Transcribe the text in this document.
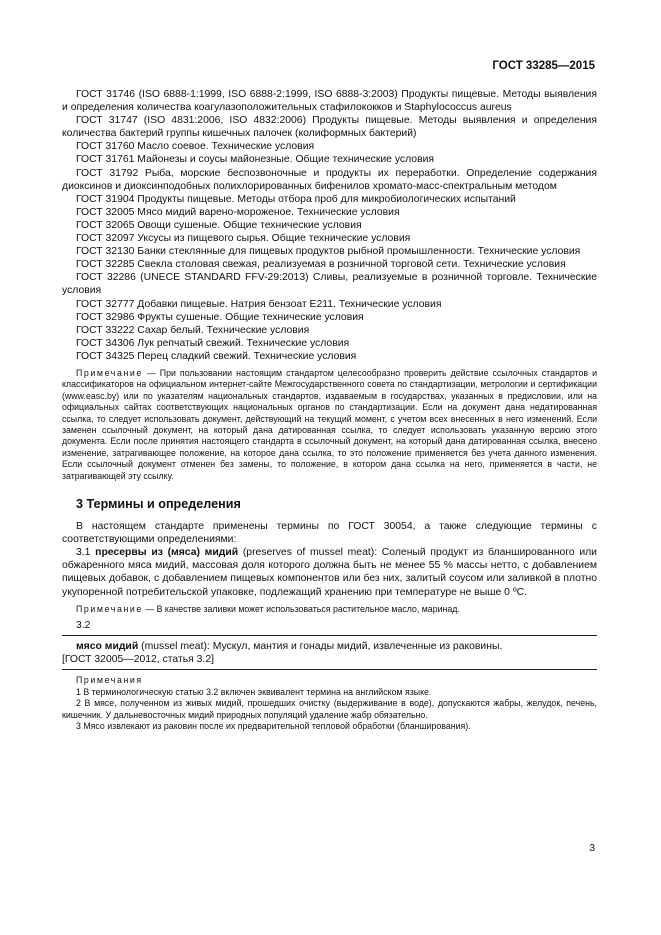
ГОСТ 33285—2015

ГОСТ 31746 (ISO 6888-1:1999, ISO 6888-2:1999, ISO 6888-3:2003) Продукты пищевые. Методы выявления и определения количества коагулазоположительных стафилококков и Staphylococcus aureus

ГОСТ 31747 (ISO 4831:2006, ISO 4832:2006) Продукты пищевые. Методы выявления и определения количества бактерий группы кишечных палочек (колиформных бактерий)

ГОСТ 31760 Масло соевое. Технические условия

ГОСТ 31761 Майонезы и соусы майонезные. Общие технические условия

ГОСТ 31792 Рыба, морские беспозвоночные и продукты их переработки. Определение содержания диоксинов и диоксинподобных полихлорированных бифенилов хромато-масс-спектральным методом

ГОСТ 31904 Продукты пищевые. Методы отбора проб для микробиологических испытаний

ГОСТ 32005 Мясо мидий варено-мороженое. Технические условия

ГОСТ 32065 Овощи сушеные. Общие технические условия

ГОСТ 32097 Уксусы из пищевого сырья. Общие технические условия

ГОСТ 32130 Банки стеклянные для пищевых продуктов рыбной промышленности. Технические условия

ГОСТ 32285 Свекла столовая свежая, реализуемая в розничной торговой сети. Технические условия

ГОСТ 32286 (UNECE STANDARD FFV-29:2013) Сливы, реализуемые в розничной торговле. Технические условия

ГОСТ 32777 Добавки пищевые. Натрия бензоат Е211. Технические условия

ГОСТ 32986 Фрукты сушеные. Общие технические условия

ГОСТ 33222 Сахар белый. Технические условия

ГОСТ 34306 Лук репчатый свежий. Технические условия

ГОСТ 34325 Перец сладкий свежий. Технические условия

Примечание — При пользовании настоящим стандартом целесообразно проверить действие ссылочных стандартов и классификаторов на официальном интернет-сайте Межгосударственного совета по стандартизации, метрологии и сертификации (www.easc.by) или по указателям национальных стандартов, издаваемым в государствах, указанных в предисловии, или на официальных сайтах соответствующих национальных органов по стандартизации. Если на документ дана недатированная ссылка, то следует использовать документ, действующий на текущий момент, с учетом всех внесенных в него изменений. Если заменен ссылочный документ, на который дана датированная ссылка, то следует использовать указанную версию этого документа. Если после принятия настоящего стандарта в ссылочный документ, на который дана датированная ссылка, внесено изменение, затрагивающее положение, на которое дана ссылка, то это положение применяется без учета данного изменения. Если ссылочный документ отменен без замены, то положение, в котором дана ссылка на него, применяется в части, не затрагивающей эту ссылку.

3 Термины и определения

В настоящем стандарте применены термины по ГОСТ 30054, а также следующие термины с соответствующими определениями:

3.1 пресервы из (мяса) мидий (preserves of mussel meat): Соленый продукт из бланшированного или обжаренного мяса мидий, массовая доля которого должна быть не менее 55 % массы нетто, с добавлением пищевых добавок, с добавлением пищевых компонентов или без них, залитый соусом или заливкой в плотно укупоренной потребительской упаковке, подлежащий хранению при температуре не выше 0 ºС.

Примечание — В качестве заливки может использоваться растительное масло, маринад.

3.2

мясо мидий (mussel meat): Мускул, мантия и гонады мидий, извлеченные из раковины.

[ГОСТ 32005—2012, статья 3.2]

Примечания

1 В терминологическую статью 3.2 включен эквивалент термина на английском языке.

2 В мясе, полученном из живых мидий, прошедших очистку (выдерживание в воде), допускаются жабры, желудок, печень, кишечник. У дальневосточных мидий природных популяций удаление жабр обязательно.

3 Мясо извлекают из раковин после их предварительной тепловой обработки (бланширования).

3
